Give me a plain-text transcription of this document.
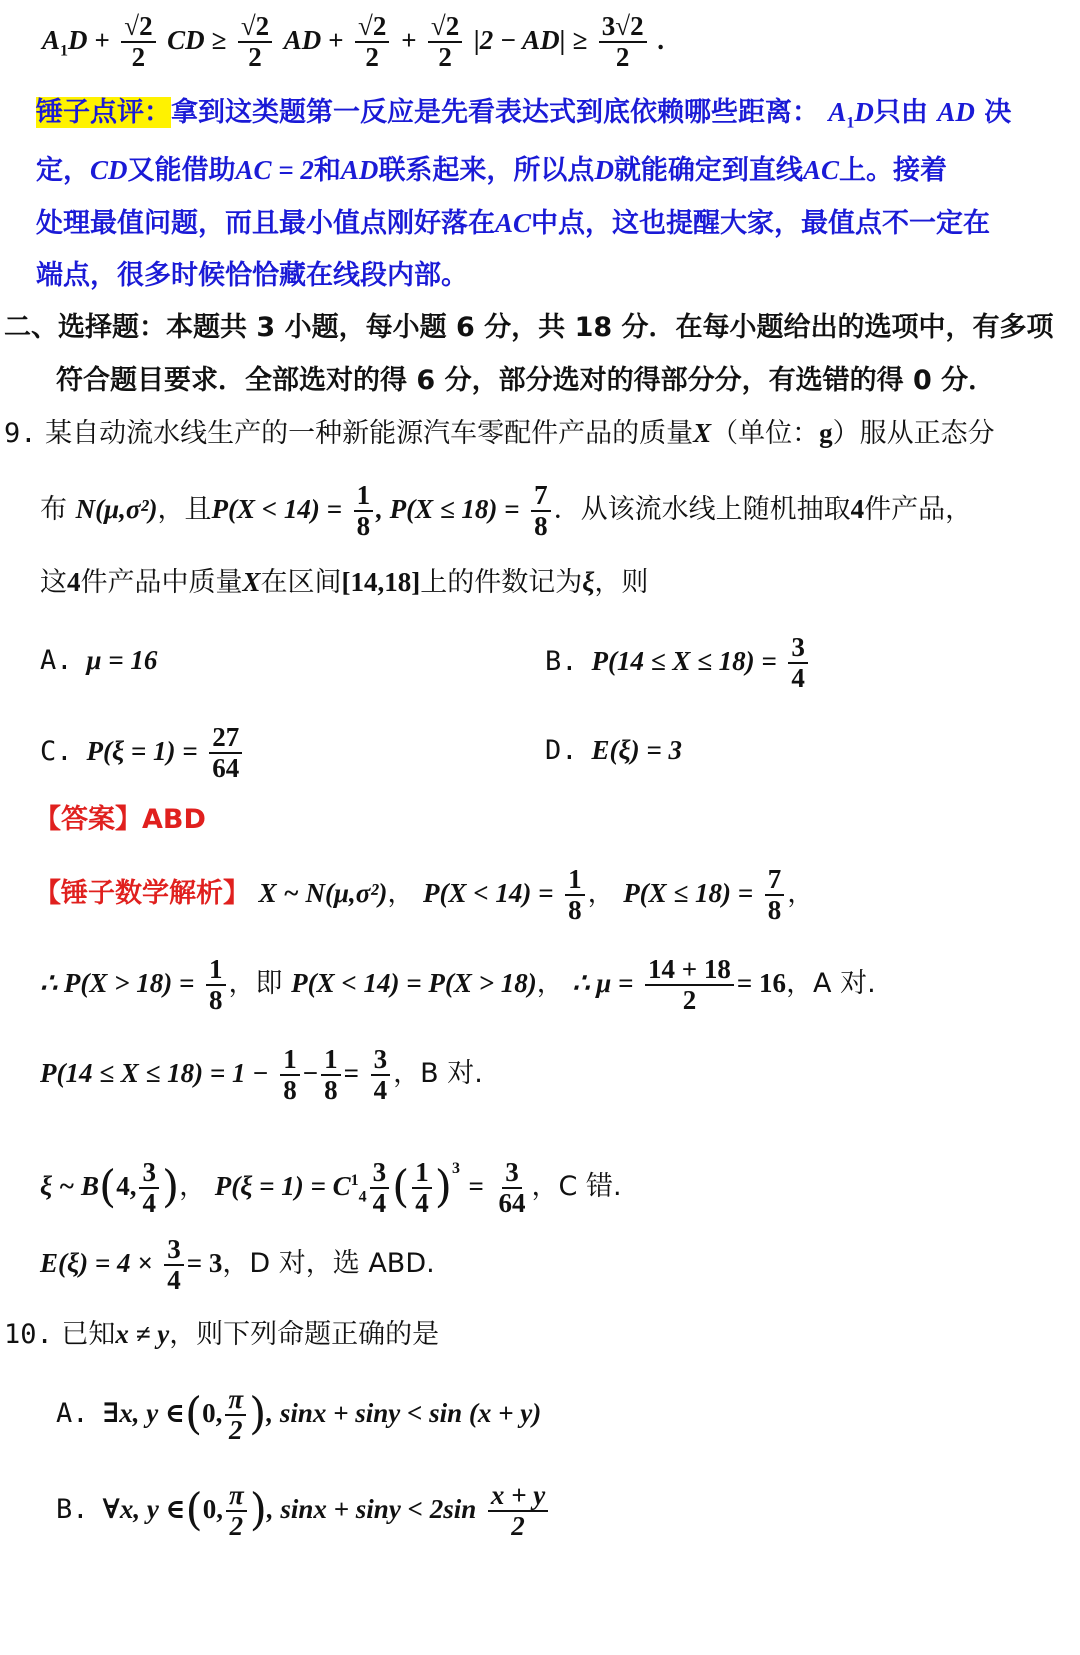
$A_1D + \frac{√2}{2}$ CD ≥ $\frac{√2}{2}$ AD + $\frac{√2}{2} + \frac{√2}{2} |2 - AD| \ge \frac{3√2}{2}$ .
锤子点评：拿到这类题第一反应是先看表达式到底依赖哪些距离： $A_1D$只由 AD 决
定，CD又能借助AC = 2和AD联系起来，所以点D就能确定到直线AC上。接着
处理最值问题，而且最小值点刚好落在AC中点，这也提醒大家，最值点不一定在
端点，很多时候恰恰藏在线段内部。
二、选择题：本题共 3 小题，每小题 6 分，共 18 分．在每小题给出的选项中，有多项
符合题目要求．全部选对的得 6 分，部分选对的得部分分，有选错的得 0 分．
9. 某自动流水线生产的一种新能源汽车零配件产品的质量X（单位：g）服从正态分
布 N(μ,σ²)，且$P(X < 14) = \frac{1}{8}$ , $P(X \le 18) = \frac{7}{8}$ ．从该流水线上随机抽取4件产品，
这4件产品中质量X在区间[14,18]上的件数记为ξ，则
A. μ = 16	B. $P(14 \le X \le 18) = \frac{3}{4}$
C. $P(\xi = 1) = \frac{27}{64}$	D. E(ξ) = 3
【答案】ABD
【锤子数学解析】 X ~ N(μ,σ²)， $P(X < 14) = \frac{1}{8}$ ， $P(X \le 18) = \frac{7}{8}$ ，
∴ $P(X > 18) = \frac{1}{8}$ ，即 P(X < 14) = P(X > 18)， ∴ $\mu = \frac{14 + 18}{2} = 16$，A 对.
$P(14 \le X \le 18) = 1 - \frac{1}{8} - \frac{1}{8} = \frac{3}{4}$ ，B 对.
ξ ~ B(4, $\frac{3}{4}$ )， $P(\xi = 1) = C^1_4 \frac{3}{4}$ ( $\frac{1}{4} )^3 = \frac{3}{64}$ ，C 错.
$E(\xi) = 4 \times \frac{3}{4} = 3$，D 对，选 ABD.
10. 已知x ≠ y，则下列命题正确的是
A. ∃x, y ∈(0, $\frac{\pi}{2}$ ), sinx + siny < sin (x + y)
B. ∀x, y ∈(0, $\frac{\pi}{2}$ ), $\sin x + \sin y < 2\sin \frac{x + y}{2}$
